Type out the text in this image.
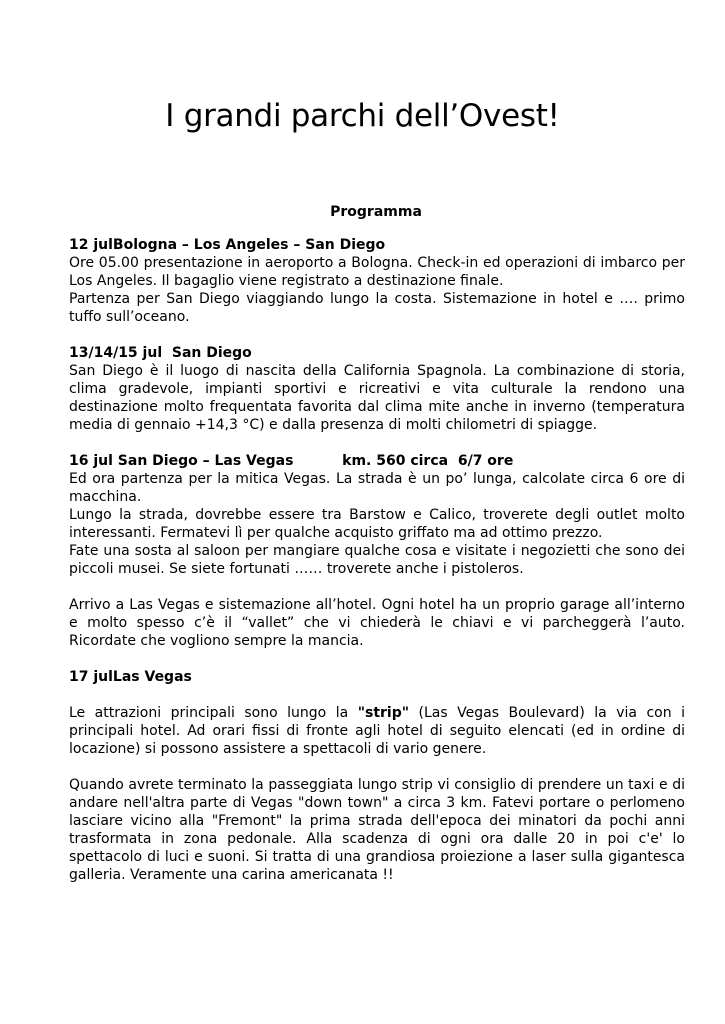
I grandi parchi dell’Ovest!
Programma
12 julBologna – Los Angeles – San Diego

Ore 05.00 presentazione in aeroporto a Bologna. Check-in ed operazioni di imbarco per Los Angeles. Il bagaglio viene registrato a destinazione finale.

Partenza per San Diego viaggiando lungo la costa. Sistemazione in hotel e …. primo tuffo sull’oceano.

13/14/15 jul  San Diego

San Diego è il luogo di nascita della California Spagnola. La combinazione di storia, clima gradevole, impianti sportivi e ricreativi e vita culturale la rendono una destinazione molto frequentata favorita dal clima mite anche in inverno (temperatura media di gennaio +14,3 °C) e dalla presenza di molti chilometri di spiagge.

16 jul San Diego – Las Vegas          km. 560 circa  6/7 ore

Ed ora partenza per la mitica Vegas. La strada è un po’ lunga, calcolate circa 6 ore di macchina.

Lungo la strada, dovrebbe essere tra Barstow e Calico, troverete degli outlet molto interessanti. Fermatevi lì per qualche acquisto griffato ma ad ottimo prezzo.

Fate una sosta al saloon per mangiare qualche cosa e visitate i negozietti che sono dei piccoli musei. Se siete fortunati …… troverete anche i pistoleros.

Arrivo a Las Vegas e sistemazione all’hotel. Ogni hotel ha un proprio garage all’interno e molto spesso c’è il “vallet” che vi chiederà le chiavi e vi parcheggerà l’auto. Ricordate che vogliono sempre la mancia.

17 julLas Vegas

Le attrazioni principali sono lungo la "strip" (Las Vegas Boulevard) la via con i principali hotel. Ad orari fissi di fronte agli hotel di seguito elencati (ed in ordine di locazione) si possono assistere a spettacoli di vario genere.

Quando avrete terminato la passeggiata lungo strip vi consiglio di prendere un taxi e di andare nell'altra parte di Vegas "down town" a circa 3 km. Fatevi portare o perlomeno lasciare vicino alla "Fremont" la prima strada dell'epoca dei minatori da pochi anni trasformata in zona pedonale. Alla scadenza di ogni ora dalle 20 in poi c'e' lo spettacolo di luci e suoni. Si tratta di una grandiosa proiezione a laser sulla gigantesca galleria. Veramente una carina americanata !!
